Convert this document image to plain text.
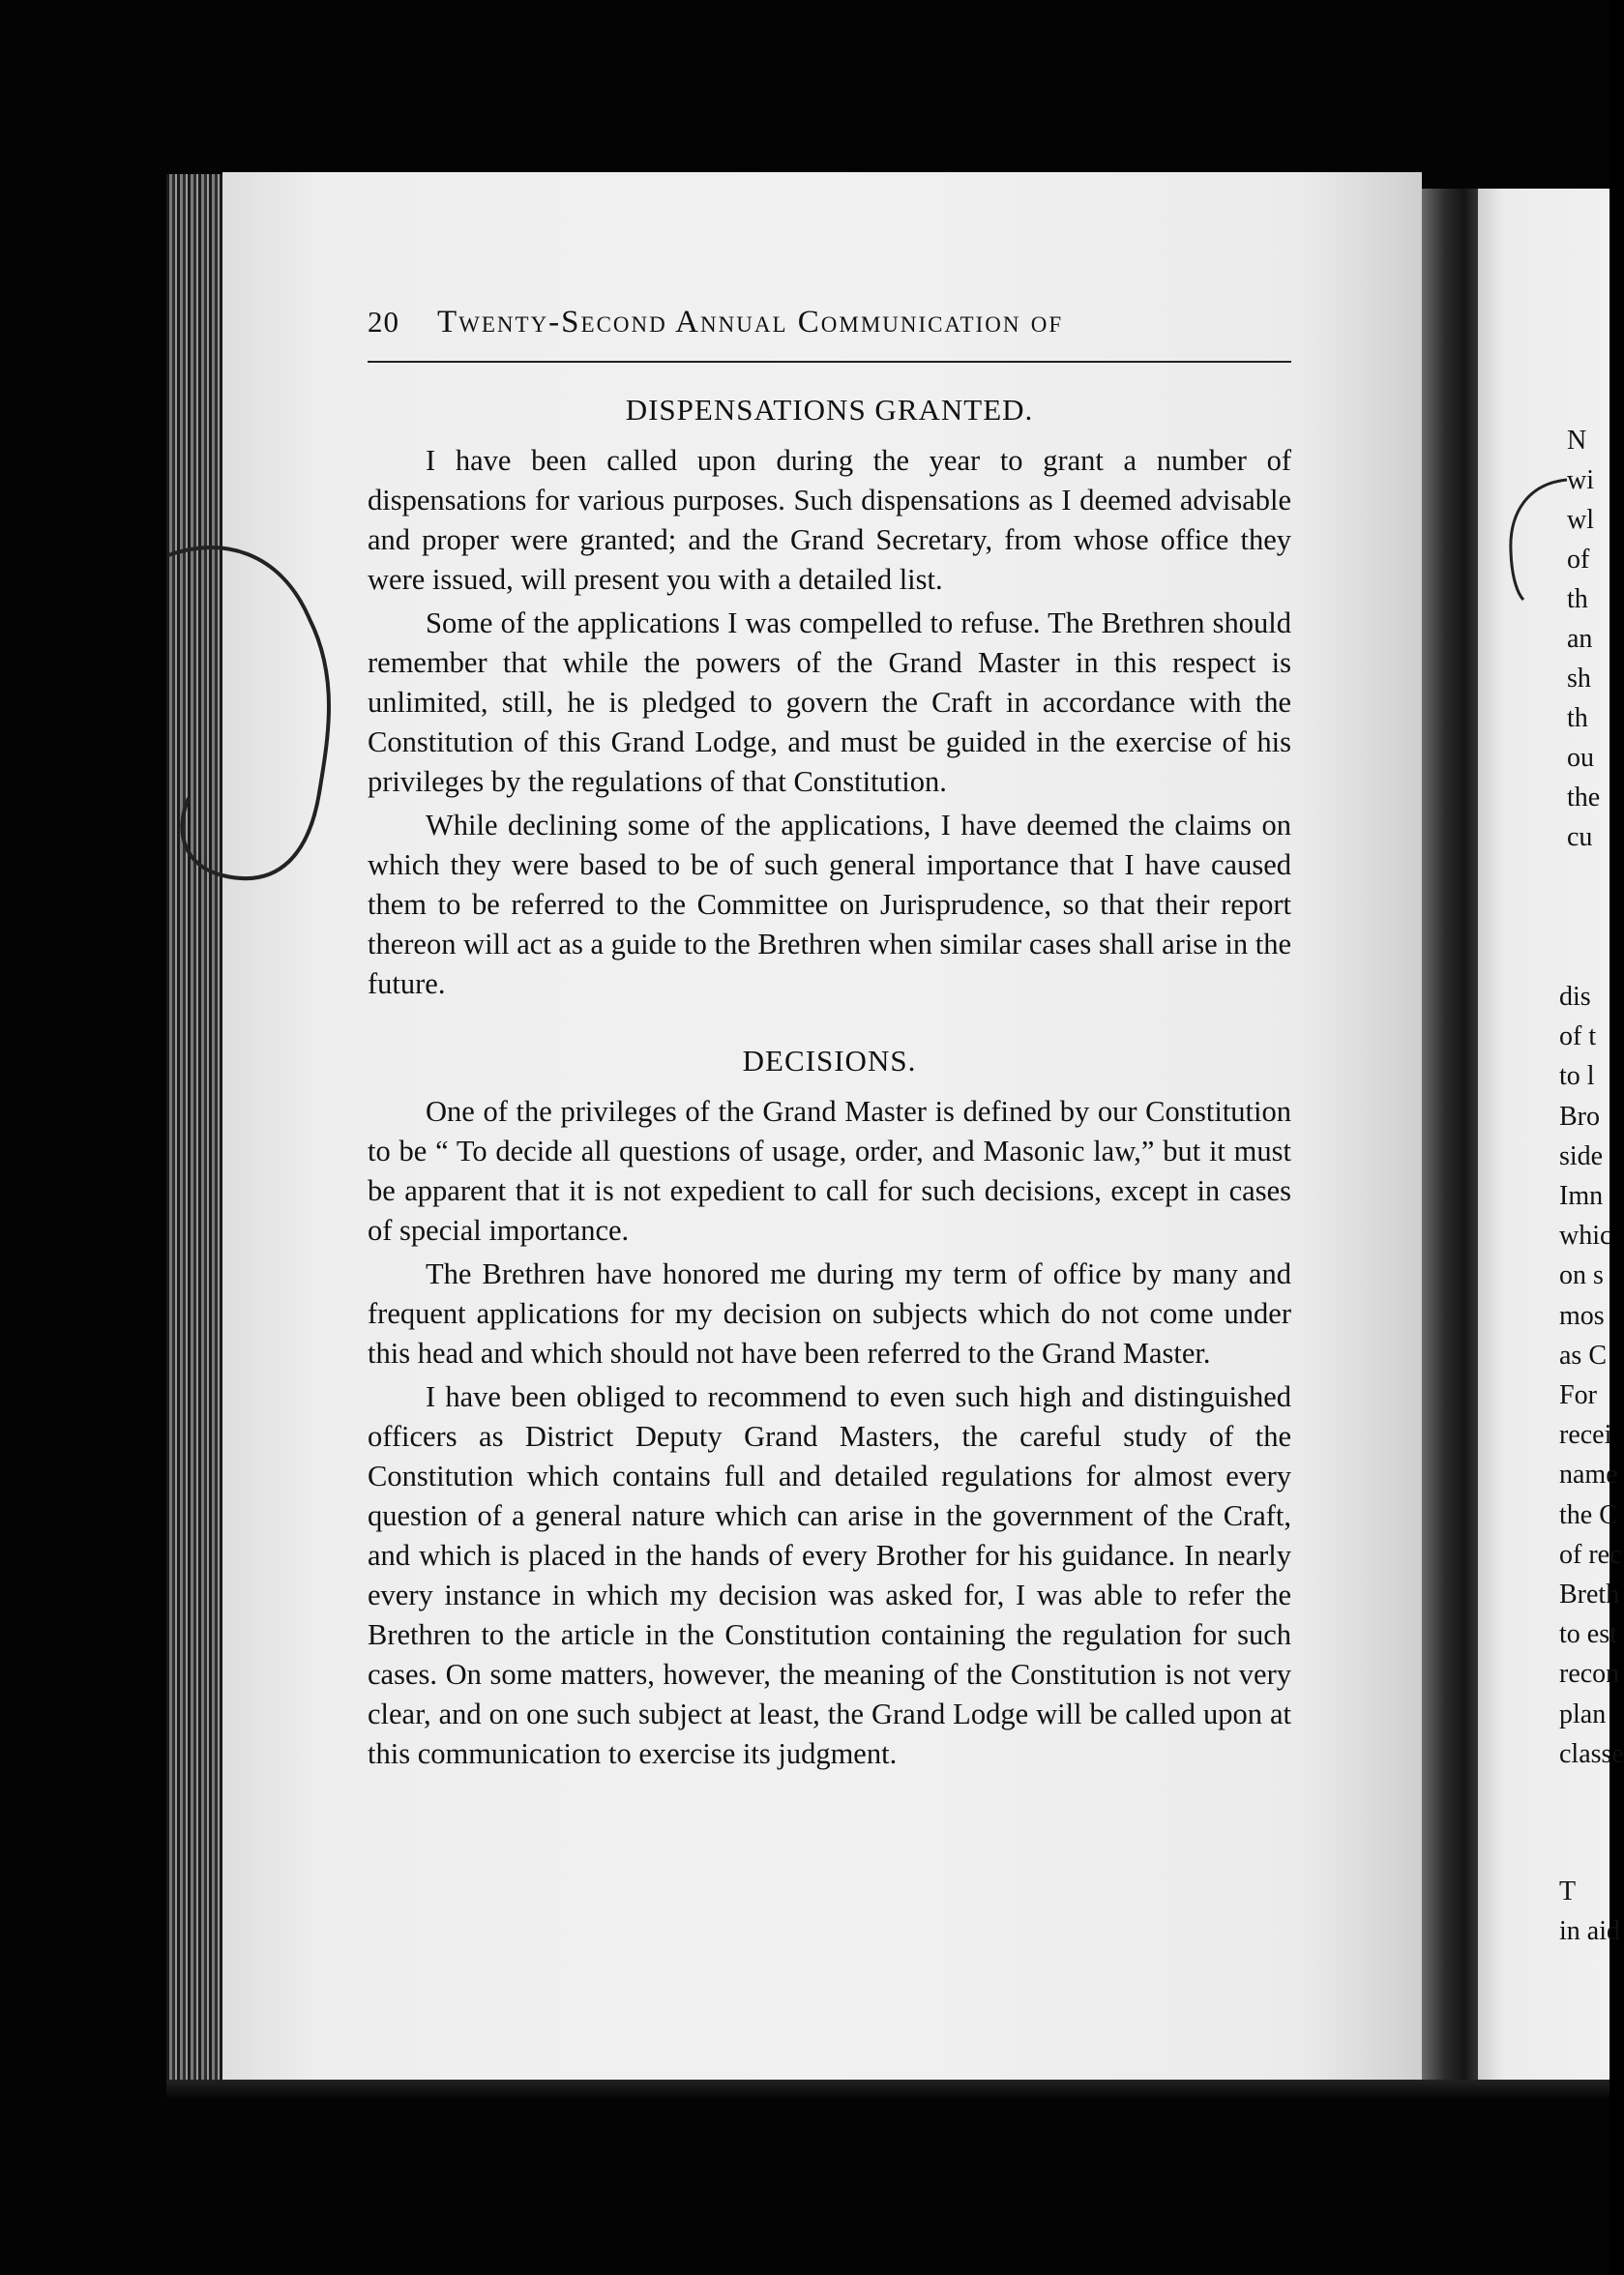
N
wi
wl
of
th
an
sh
th
ou
the
cu
dis
of t
to l
Bro
side
Imn
whic
on s
mos
as C
For
recei
name
the C
of rec
Breth
to est
recon
plan
classe
T
in aid
20	Twenty-Second Annual Communication of
DISPENSATIONS GRANTED.

I have been called upon during the year to grant a number of dispensations for various purposes. Such dispensations as I deemed advisable and proper were granted; and the Grand Secretary, from whose office they were issued, will present you with a detailed list.

Some of the applications I was compelled to refuse. The Brethren should remember that while the powers of the Grand Master in this respect is unlimited, still, he is pledged to govern the Craft in accordance with the Constitution of this Grand Lodge, and must be guided in the exercise of his privileges by the regulations of that Constitution.

While declining some of the applications, I have deemed the claims on which they were based to be of such general importance that I have caused them to be referred to the Committee on Jurisprudence, so that their report thereon will act as a guide to the Brethren when similar cases shall arise in the future.

DECISIONS.

One of the privileges of the Grand Master is defined by our Constitution to be “ To decide all questions of usage, order, and Masonic law,” but it must be apparent that it is not expedient to call for such decisions, except in cases of special importance.

The Brethren have honored me during my term of office by many and frequent applications for my decision on subjects which do not come under this head and which should not have been referred to the Grand Master.

I have been obliged to recommend to even such high and distinguished officers as District Deputy Grand Masters, the careful study of the Constitution which contains full and detailed regulations for almost every question of a general nature which can arise in the government of the Craft, and which is placed in the hands of every Brother for his guidance. In nearly every instance in which my decision was asked for, I was able to refer the Brethren to the article in the Constitution containing the regulation for such cases. On some matters, however, the meaning of the Constitution is not very clear, and on one such subject at least, the Grand Lodge will be called upon at this communication to exercise its judgment.
